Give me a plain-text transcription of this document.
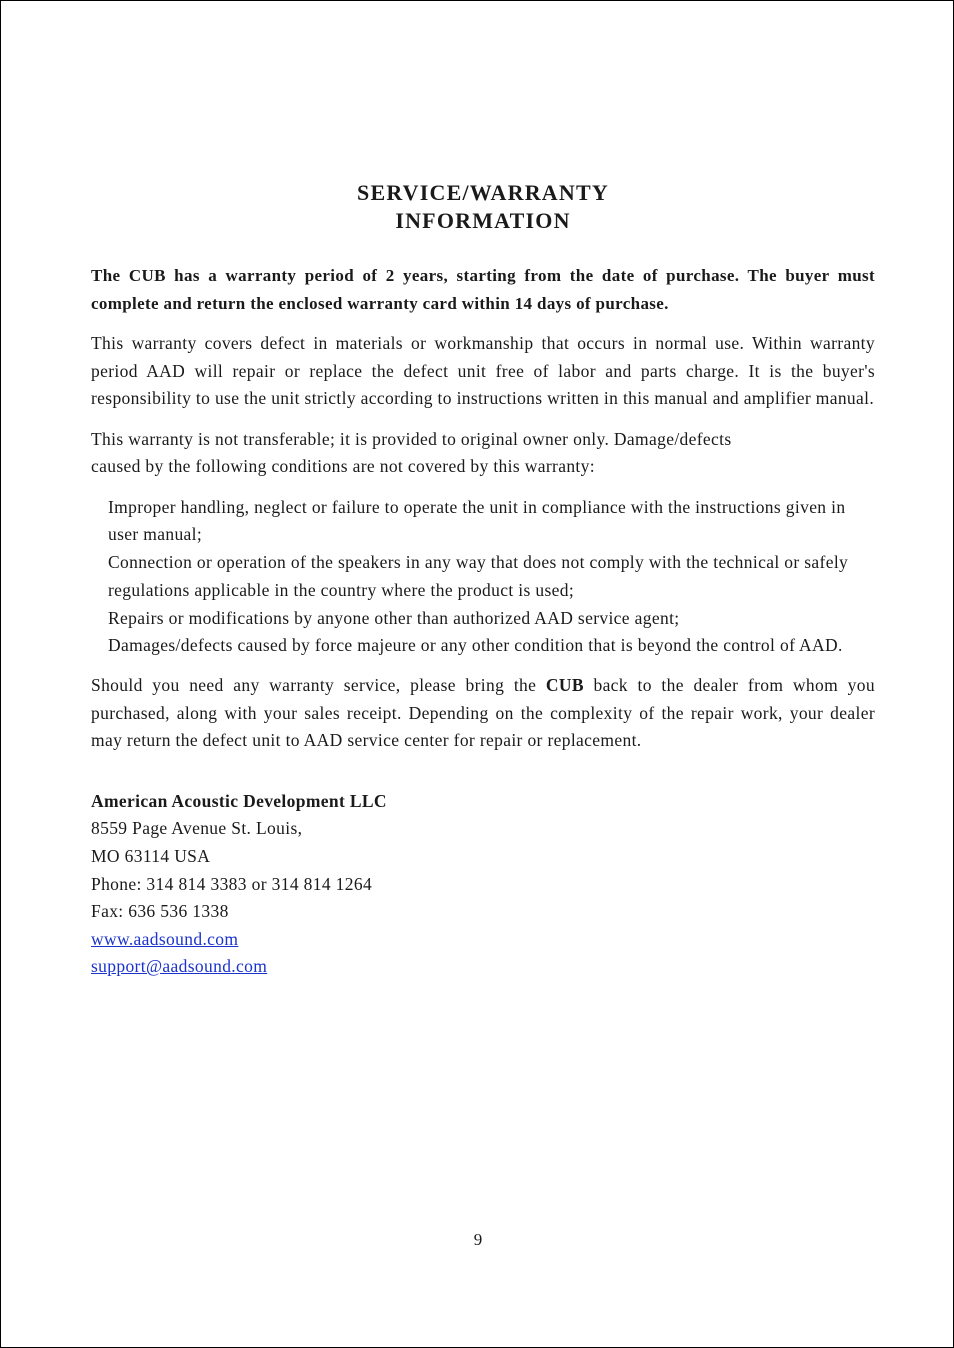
SERVICE/WARRANTY
INFORMATION

The CUB has a warranty period of 2 years, starting from the date of purchase. The buyer must complete and return the enclosed warranty card within 14 days of purchase.

This warranty covers defect in materials or workmanship that occurs in normal use. Within warranty period AAD will repair or replace the defect unit free of labor and parts charge. It is the buyer's responsibility to use the unit strictly according to instructions written in this manual and amplifier manual.

This warranty is not transferable; it is provided to original owner only. Damage/defects
caused by the following conditions are not covered by this warranty:

Improper handling, neglect or failure to operate the unit in compliance with the instructions given in user manual;
Connection or operation of the speakers in any way that does not comply with the technical or safely regulations applicable in the country where the product is used;
Repairs or modifications by anyone other than authorized AAD service agent;
Damages/defects caused by force majeure or any other condition that is beyond the control of AAD.

Should you need any warranty service, please bring the CUB back to the dealer from whom you purchased, along with your sales receipt. Depending on the complexity of the repair work, your dealer may return the defect unit to AAD service center for repair or replacement.

American Acoustic Development LLC
8559 Page Avenue St. Louis,
MO 63114 USA
Phone: 314 814 3383 or 314 814 1264
Fax: 636 536 1338
www.aadsound.com
support@aadsound.com
9
